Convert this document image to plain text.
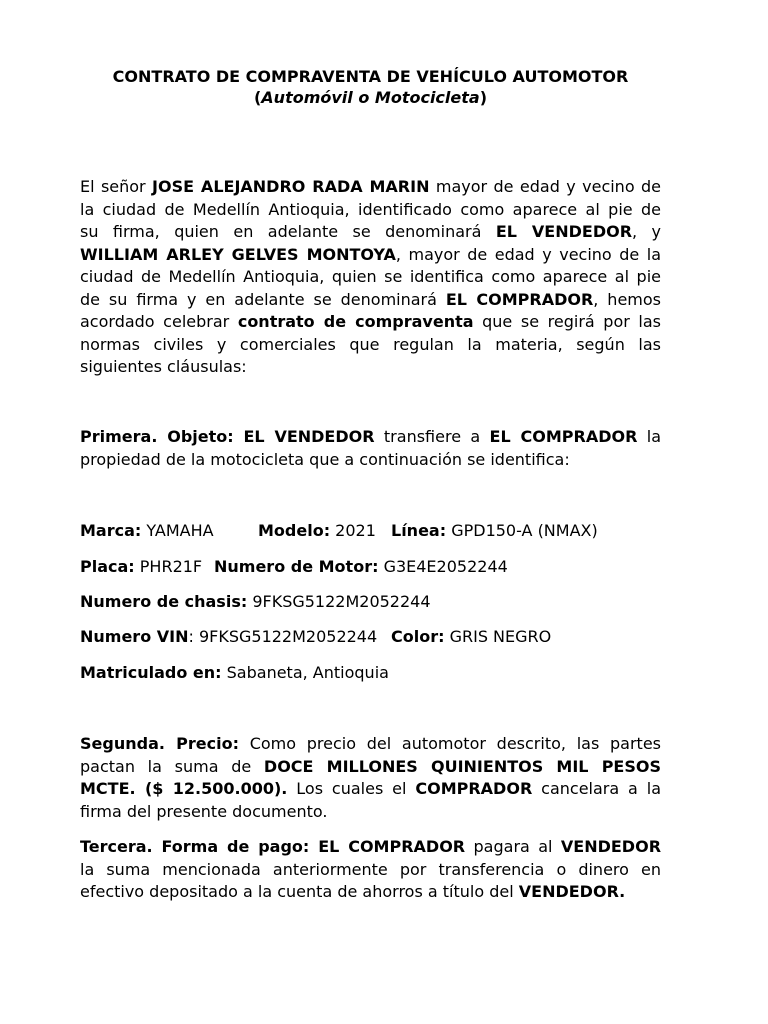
CONTRATO DE COMPRAVENTA DE VEHÍCULO AUTOMOTOR
(Automóvil o Motocicleta)
El señor JOSE ALEJANDRO RADA MARIN mayor de edad y vecino de
la ciudad de Medellín Antioquia, identificado como aparece al pie de
su firma, quien en adelante se denominará EL VENDEDOR, y
WILLIAM ARLEY GELVES MONTOYA, mayor de edad y vecino de la
ciudad de Medellín Antioquia, quien se identifica como aparece al pie
de su firma y en adelante se denominará EL COMPRADOR, hemos
acordado celebrar contrato de compraventa que se regirá por las
normas civiles y comerciales que regulan la materia, según las
siguientes cláusulas:
Primera. Objeto: EL VENDEDOR transfiere a EL COMPRADOR la
propiedad de la motocicleta que a continuación se identifica:
Marca: YAMAHA	Modelo: 2021 Línea: GPD150-A (NMAX)
Placa: PHR21F Numero de Motor: G3E4E2052244
Numero de chasis: 9FKSG5122M2052244
Numero VIN: 9FKSG5122M2052244 Color: GRIS NEGRO
Matriculado en: Sabaneta, Antioquia
Segunda. Precio: Como precio del automotor descrito, las partes
pactan la suma de DOCE MILLONES QUINIENTOS MIL PESOS
MCTE. ($ 12.500.000). Los cuales el COMPRADOR cancelara a la
firma del presente documento.
Tercera. Forma de pago: EL COMPRADOR pagara al VENDEDOR
la suma mencionada anteriormente por transferencia o dinero en
efectivo depositado a la cuenta de ahorros a título del VENDEDOR.
